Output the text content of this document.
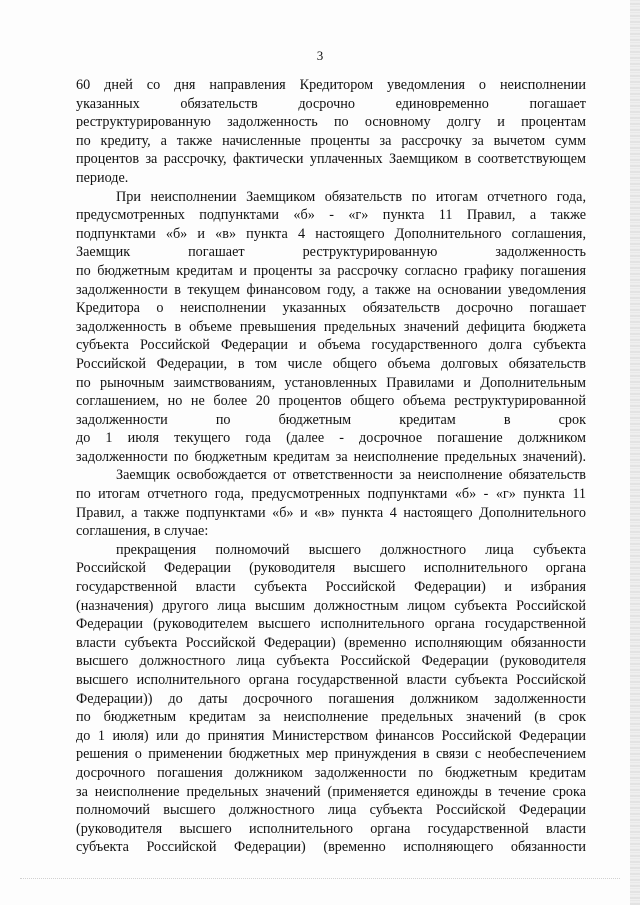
3
60 дней со дня направления Кредитором уведомления о неисполнении
указанных обязательств досрочно единовременно погашает
реструктурированную задолженность по основному долгу и процентам
по кредиту, а также начисленные проценты за рассрочку за вычетом сумм
процентов за рассрочку, фактически уплаченных Заемщиком в соответствующем
периоде.
При неисполнении Заемщиком обязательств по итогам отчетного года,
предусмотренных подпунктами «б» - «г» пункта 11 Правил, а также
подпунктами «б» и «в» пункта 4 настоящего Дополнительного соглашения,
Заемщик погашает реструктурированную задолженность
по бюджетным кредитам и проценты за рассрочку согласно графику погашения
задолженности в текущем финансовом году, а также на основании уведомления
Кредитора о неисполнении указанных обязательств досрочно погашает
задолженность в объеме превышения предельных значений дефицита бюджета
субъекта Российской Федерации и объема государственного долга субъекта
Российской Федерации, в том числе общего объема долговых обязательств
по рыночным заимствованиям, установленных Правилами и Дополнительным
соглашением, но не более 20 процентов общего объема реструктурированной
задолженности по бюджетным кредитам в срок
до 1 июля текущего года (далее - досрочное погашение должником
задолженности по бюджетным кредитам за неисполнение предельных значений).
Заемщик освобождается от ответственности за неисполнение обязательств
по итогам отчетного года, предусмотренных подпунктами «б» - «г» пункта 11
Правил, а также подпунктами «б» и «в» пункта 4 настоящего Дополнительного
соглашения, в случае:
прекращения полномочий высшего должностного лица субъекта
Российской Федерации (руководителя высшего исполнительного органа
государственной власти субъекта Российской Федерации) и избрания
(назначения) другого лица высшим должностным лицом субъекта Российской
Федерации (руководителем высшего исполнительного органа государственной
власти субъекта Российской Федерации) (временно исполняющим обязанности
высшего должностного лица субъекта Российской Федерации (руководителя
высшего исполнительного органа государственной власти субъекта Российской
Федерации)) до даты досрочного погашения должником задолженности
по бюджетным кредитам за неисполнение предельных значений (в срок
до 1 июля) или до принятия Министерством финансов Российской Федерации
решения о применении бюджетных мер принуждения в связи с необеспечением
досрочного погашения должником задолженности по бюджетным кредитам
за неисполнение предельных значений (применяется единожды в течение срока
полномочий высшего должностного лица субъекта Российской Федерации
(руководителя высшего исполнительного органа государственной власти
субъекта Российской Федерации) (временно исполняющего обязанности
